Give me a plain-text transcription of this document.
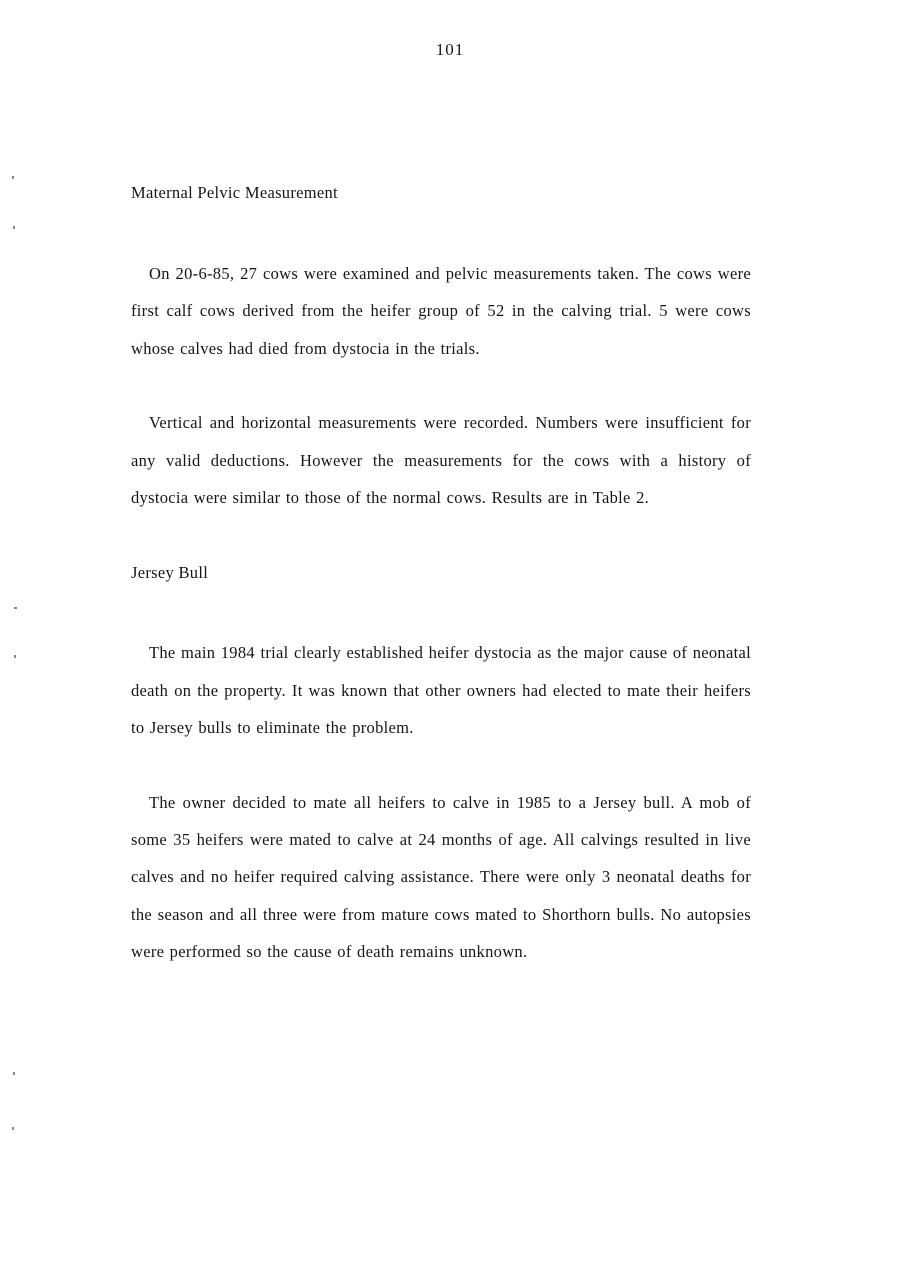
101
Maternal Pelvic Measurement

On 20-6-85, 27 cows were examined and pelvic measurements taken. The cows were first calf cows derived from the heifer group of 52 in the calving trial. 5 were cows whose calves had died from dystocia in the trials.

Vertical and horizontal measurements were recorded. Numbers were insufficient for any valid deductions. However the measurements for the cows with a history of dystocia were similar to those of the normal cows. Results are in Table 2.

Jersey Bull

The main 1984 trial clearly established heifer dystocia as the major cause of neonatal death on the property. It was known that other owners had elected to mate their heifers to Jersey bulls to eliminate the problem.

The owner decided to mate all heifers to calve in 1985 to a Jersey bull. A mob of some 35 heifers were mated to calve at 24 months of age. All calvings resulted in live calves and no heifer required calving assistance. There were only 3 neonatal deaths for the season and all three were from mature cows mated to Shorthorn bulls. No autopsies were performed so the cause of death remains unknown.
